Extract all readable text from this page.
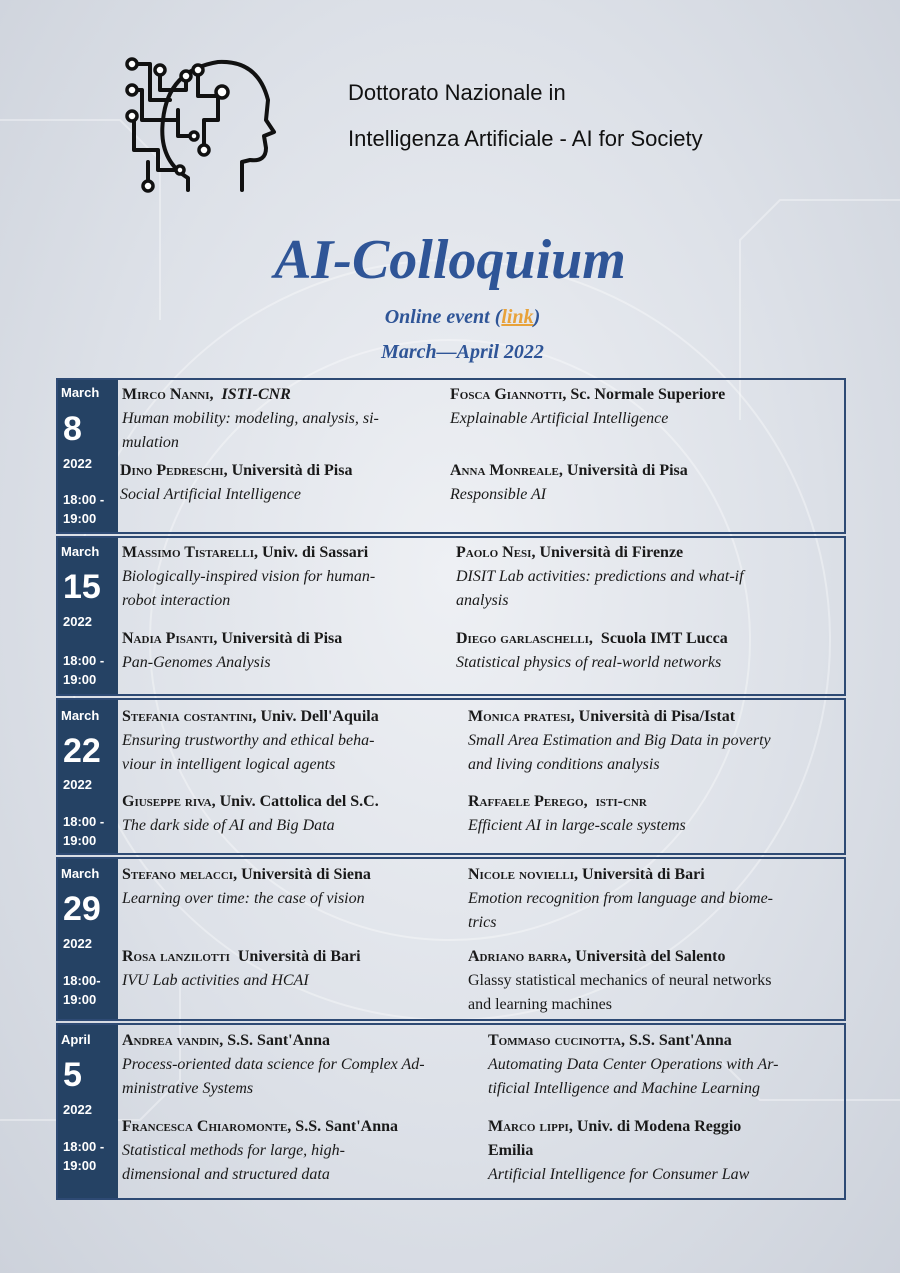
Dottorato Nazionale in
Intelligenza Artificiale - AI for Society
AI-Colloquium
Online event (link)
March—April 2022
March
8
2022
18:00 -
19:00
Mirco Nanni, ISTI-CNR
Human mobility: modeling, analysis, si-
mulation
Fosca Giannotti, Sc. Normale Superiore
Explainable Artificial Intelligence
Dino Pedreschi, Università di Pisa
Social Artificial Intelligence
Anna Monreale, Università di Pisa
Responsible AI
March
15
2022
18:00 -
19:00
Massimo Tistarelli, Univ. di Sassari
Biologically-inspired vision for human-
robot interaction
Paolo Nesi, Università di Firenze
DISIT Lab activities: predictions and what-if
analysis
Nadia Pisanti, Università di Pisa
Pan-Genomes Analysis
Diego garlaschelli, Scuola IMT Lucca
Statistical physics of real-world networks
March
22
2022
18:00 -
19:00
Stefania costantini, Univ. Dell'Aquila
Ensuring trustworthy and ethical beha-
viour in intelligent logical agents
Monica pratesi, Università di Pisa/Istat
Small Area Estimation and Big Data in poverty
and living conditions analysis
Giuseppe riva, Univ. Cattolica del S.C.
The dark side of AI and Big Data
Raffaele Perego, isti-cnr
Efficient AI in large-scale systems
March
29
2022
18:00-
19:00
Stefano melacci, Università di Siena
Learning over time: the case of vision
Nicole novielli, Università di Bari
Emotion recognition from language and biome-
trics
Rosa lanzilotti Università di Bari
IVU Lab activities and HCAI
Adriano barra, Università del Salento
Glassy statistical mechanics of neural networks
and learning machines
April
5
2022
18:00 -
19:00
Andrea vandin, S.S. Sant'Anna
Process-oriented data science for Complex Ad-
ministrative Systems
Tommaso cucinotta, S.S. Sant'Anna
Automating Data Center Operations with Ar-
tificial Intelligence and Machine Learning
Francesca Chiaromonte, S.S. Sant'Anna
Statistical methods for large, high-
dimensional and structured data
Marco lippi, Univ. di Modena Reggio
Emilia
Artificial Intelligence for Consumer Law
